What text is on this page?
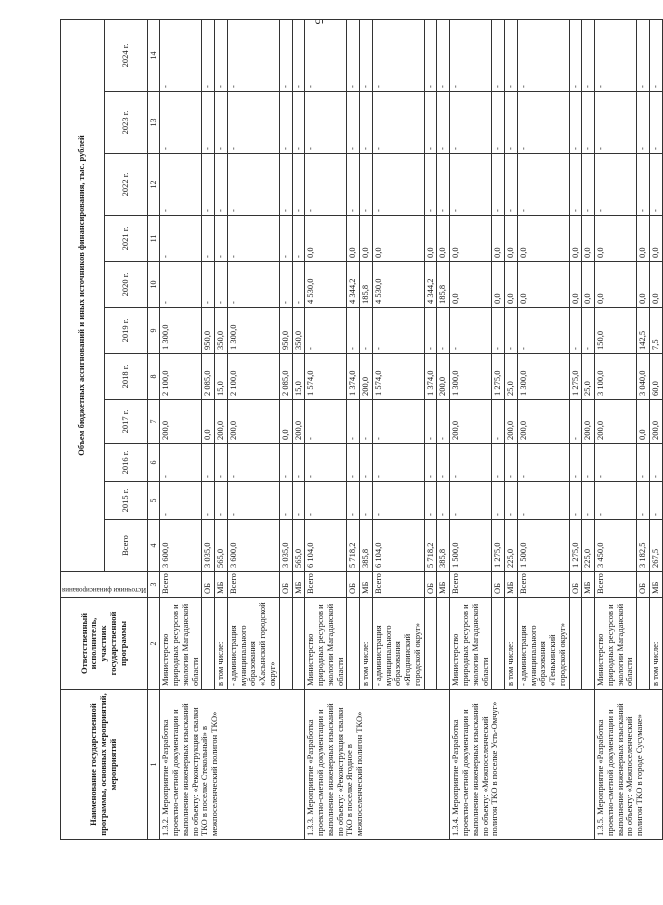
5
Наименование государственной программы, основных мероприятий, мероприятий	Ответственный исполнитель, участник государственной программы	Источники финансирования	Объем бюджетных ассигнований и иных источников финансирования, тыс. рублей										
			Всего	2015 г.	2016 г.	2017 г.	2018 г.	2019 г.	2020 г.	2021 г.	2022 г.	2023 г.	2024 г.
1	2	3	4	5	6	7	8	9	10	11	12	13	14
1.3.2. Мероприятие «Разработка проектно-сметной документации и выполнение инженерных изысканий по объекту: «Реконструкция свалки ТКО в поселке Стекольный» в межпоселенческий полигон ТКО»	Министерство природных ресурсов и экологии Магаданской области	Всего	3 600,0	-	-	200,0	2 100,0	1 300,0	-	-	-	-	-
		ОБ	3 035,0	-	-	0,0	2 085,0	950,0	-	-	-	-	-
	в том числе:	МБ	565,0	-	-	200,0	15,0	350,0	-	-	-	-	-
	- администрация муниципального образования «Хасынский городской округ»	Всего	3 600,0	-	-	200,0	2 100,0	1 300,0	-	-	-	-	-
		ОБ	3 035,0	-	-	0,0	2 085,0	950,0	-	-	-	-	-
		МБ	565,0	-	-	200,0	15,0	350,0	-	-	-	-	-
1.3.3. Мероприятие «Разработка проектно-сметной документации и выполнение инженерных изысканий по объекту: «Реконструкция свалки ТКО в поселке Ягодное в межпоселенческий полигон ТКО»	Министерство природных ресурсов и экологии Магаданской области	Всего	6 104,0	-	-	-	1 574,0	-	4 530,0	0,0	-	-	-
		ОБ	5 718,2	-	-	-	1 374,0	-	4 344,2	0,0	-	-	-
	в том числе:	МБ	385,8	-	-	-	200,0	-	185,8	0,0	-	-	-
	- администрация муниципального образования «Ягоднинский городской округ»	Всего	6 104,0	-	-	-	1 574,0	-	4 530,0	0,0	-	-	-
		ОБ	5 718,2	-	-	-	1 374,0	-	4 344,2	0,0	-	-	-
		МБ	385,8	-	-	-	200,0	-	185,8	0,0	-	-	-
1.3.4. Мероприятие «Разработка проектно-сметной документации и выполнение инженерных изысканий по объекту: «Межпоселенческий полигон ТКО в поселке Усть-Омчуг»	Министерство природных ресурсов и экологии Магаданской области	Всего	1 500,0	-	-	200,0	1 300,0	-	0,0	0,0	-	-	-
		ОБ	1 275,0	-	-	-	1 275,0	-	0,0	0,0	-	-	-
	в том числе:	МБ	225,0	-	-	200,0	25,0	-	0,0	0,0	-	-	-
	- администрация муниципального образования «Тенькинский городской округ»	Всего	1 500,0	-	-	200,0	1 300,0	-	0,0	0,0	-	-	-
		ОБ	1 275,0	-	-	-	1 275,0	-	0,0	0,0	-	-	-
		МБ	225,0	-	-	200,0	25,0	-	0,0	0,0	-	-	-
1.3.5. Мероприятие «Разработка проектно-сметной документации и выполнение инженерных изысканий по объекту: «Межпоселенческий полигон ТКО в городе Сусумане»	Министерство природных ресурсов и экологии Магаданской области	Всего	3 450,0	-	-	200,0	3 100,0	150,0	0,0	0,0	-	-	-
		ОБ	3 182,5	-	-	0,0	3 040,0	142,5	0,0	0,0	-	-	-
	в том числе:	МБ	267,5	-	-	200,0	60,0	7,5	0,0	0,0	-	-	-
